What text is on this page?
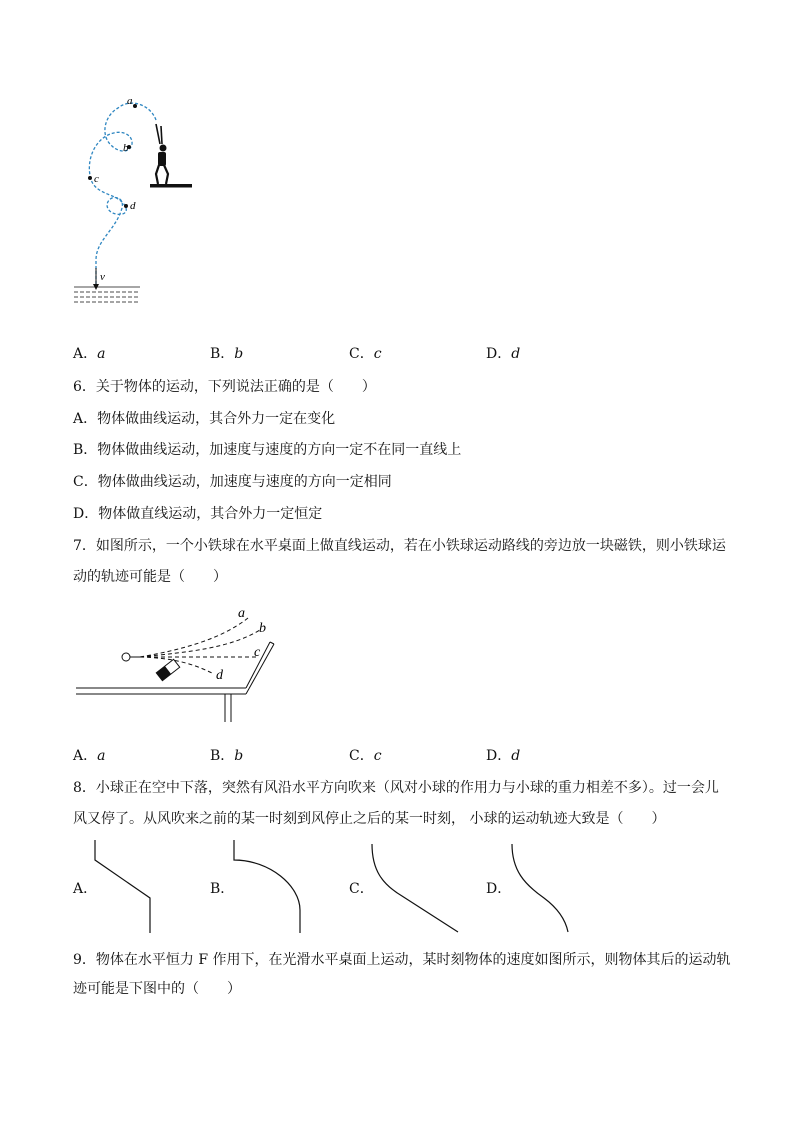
a
b
c
d
v
A．a	B．b	C．c	D．d
6．关于物体的运动，下列说法正确的是（　　）
A．物体做曲线运动，其合外力一定在变化
B．物体做曲线运动，加速度与速度的方向一定不在同一直线上
C．物体做曲线运动，加速度与速度的方向一定相同
D．物体做直线运动，其合外力一定恒定
7．如图所示，一个小铁球在水平桌面上做直线运动，若在小铁球运动路线的旁边放一块磁铁，则小铁球运
动的轨迹可能是（　　）
a
b
c
d
A．a	B．b	C．c	D．d
8．小球正在空中下落，突然有风沿水平方向吹来（风对小球的作用力与小球的重力相差不多）。过一会儿
风又停了。从风吹来之前的某一时刻到风停止之后的某一时刻， 小球的运动轨迹大致是（　　）
A．	B．	C．	D．
9．物体在水平恒力 F 作用下，在光滑水平桌面上运动，某时刻物体的速度如图所示，则物体其后的运动轨
迹可能是下图中的（　　）
